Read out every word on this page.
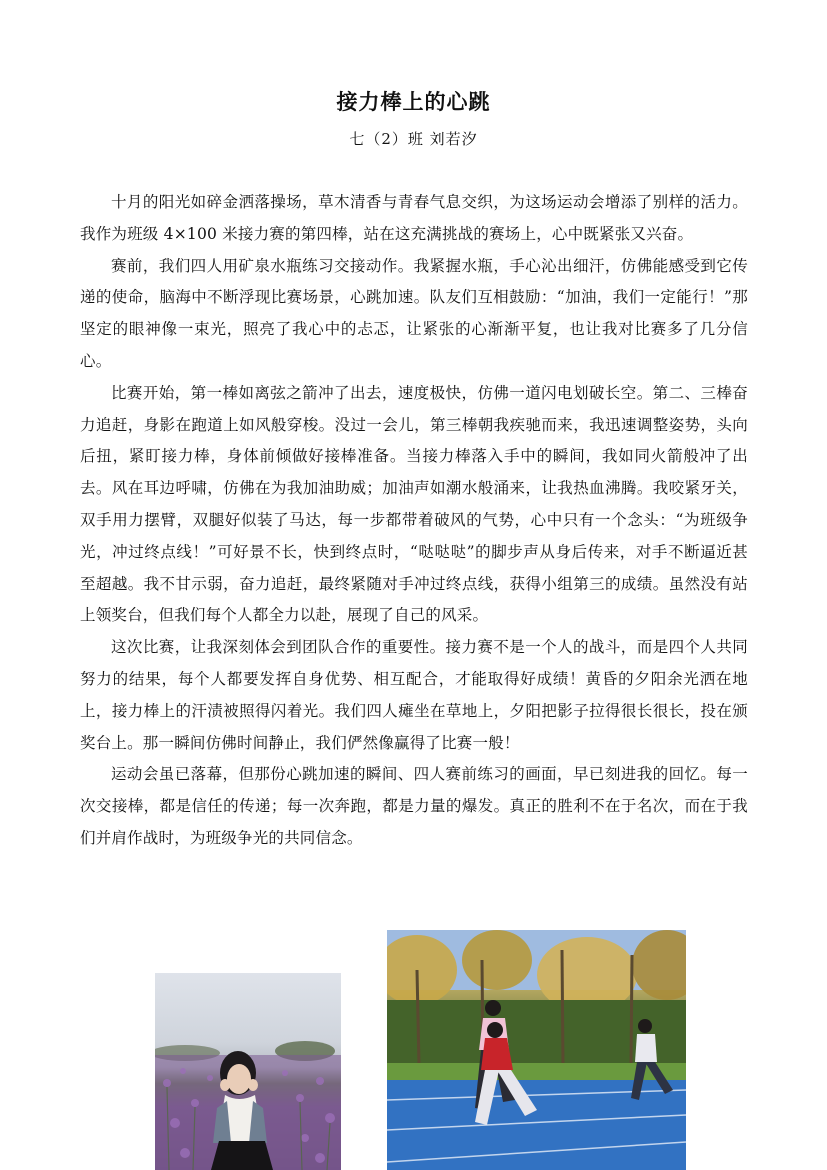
接力棒上的心跳
七（2）班 刘若汐

十月的阳光如碎金洒落操场，草木清香与青春气息交织，为这场运动会增添了别样的活力。我作为班级 4×100 米接力赛的第四棒，站在这充满挑战的赛场上，心中既紧张又兴奋。

赛前，我们四人用矿泉水瓶练习交接动作。我紧握水瓶，手心沁出细汗，仿佛能感受到它传递的使命，脑海中不断浮现比赛场景，心跳加速。队友们互相鼓励：“加油，我们一定能行！”那坚定的眼神像一束光，照亮了我心中的忐忑，让紧张的心渐渐平复，也让我对比赛多了几分信心。

比赛开始，第一棒如离弦之箭冲了出去，速度极快，仿佛一道闪电划破长空。第二、三棒奋力追赶，身影在跑道上如风般穿梭。没过一会儿，第三棒朝我疾驰而来，我迅速调整姿势，头向后扭，紧盯接力棒，身体前倾做好接棒准备。当接力棒落入手中的瞬间，我如同火箭般冲了出去。风在耳边呼啸，仿佛在为我加油助威；加油声如潮水般涌来，让我热血沸腾。我咬紧牙关，双手用力摆臂，双腿好似装了马达，每一步都带着破风的气势，心中只有一个念头：“为班级争光，冲过终点线！”可好景不长，快到终点时，“哒哒哒”的脚步声从身后传来，对手不断逼近甚至超越。我不甘示弱，奋力追赶，最终紧随对手冲过终点线，获得小组第三的成绩。虽然没有站上领奖台，但我们每个人都全力以赴，展现了自己的风采。

这次比赛，让我深刻体会到团队合作的重要性。接力赛不是一个人的战斗，而是四个人共同努力的结果，每个人都要发挥自身优势、相互配合，才能取得好成绩！黄昏的夕阳余光洒在地上，接力棒上的汗渍被照得闪着光。我们四人瘫坐在草地上，夕阳把影子拉得很长很长，投在颁奖台上。那一瞬间仿佛时间静止，我们俨然像赢得了比赛一般！

运动会虽已落幕，但那份心跳加速的瞬间、四人赛前练习的画面，早已刻进我的回忆。每一次交接棒，都是信任的传递；每一次奔跑，都是力量的爆发。真正的胜利不在于名次，而在于我们并肩作战时，为班级争光的共同信念。
